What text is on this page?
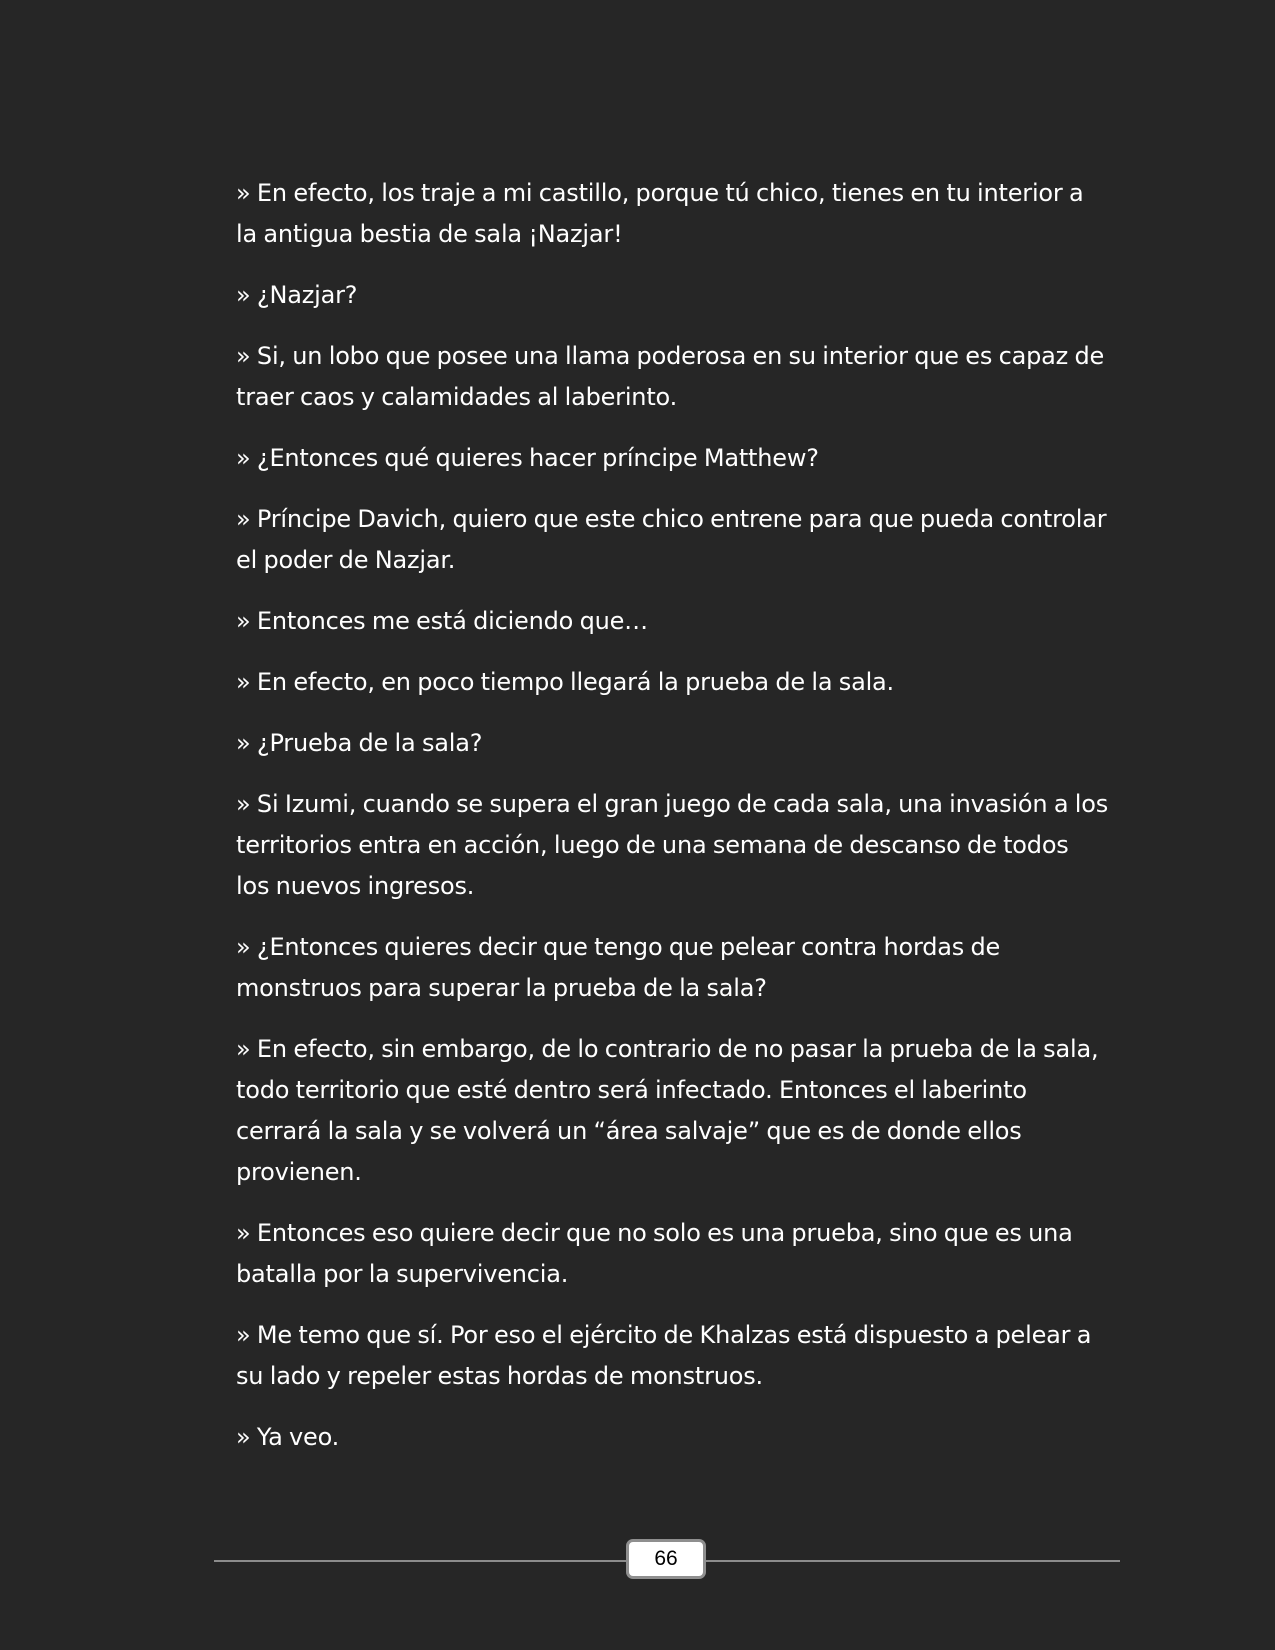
» En efecto, los traje a mi castillo, porque tú chico, tienes en tu interior a la antigua bestia de sala ¡Nazjar!

» ¿Nazjar?

» Si, un lobo que posee una llama poderosa en su interior que es capaz de traer caos y calamidades al laberinto.

» ¿Entonces qué quieres hacer príncipe Matthew?

» Príncipe Davich, quiero que este chico entrene para que pueda controlar el poder de Nazjar.

» Entonces me está diciendo que…

» En efecto, en poco tiempo llegará la prueba de la sala.

» ¿Prueba de la sala?

» Si Izumi, cuando se supera el gran juego de cada sala, una invasión a los territorios entra en acción, luego de una semana de descanso de todos los nuevos ingresos.

» ¿Entonces quieres decir que tengo que pelear contra hordas de monstruos para superar la prueba de la sala?

» En efecto, sin embargo, de lo contrario de no pasar la prueba de la sala, todo territorio que esté dentro será infectado. Entonces el laberinto cerrará la sala y se volverá un “área salvaje” que es de donde ellos provienen.

» Entonces eso quiere decir que no solo es una prueba, sino que es una batalla por la supervivencia.

» Me temo que sí. Por eso el ejército de Khalzas está dispuesto a pelear a su lado y repeler estas hordas de monstruos.

» Ya veo.

66
